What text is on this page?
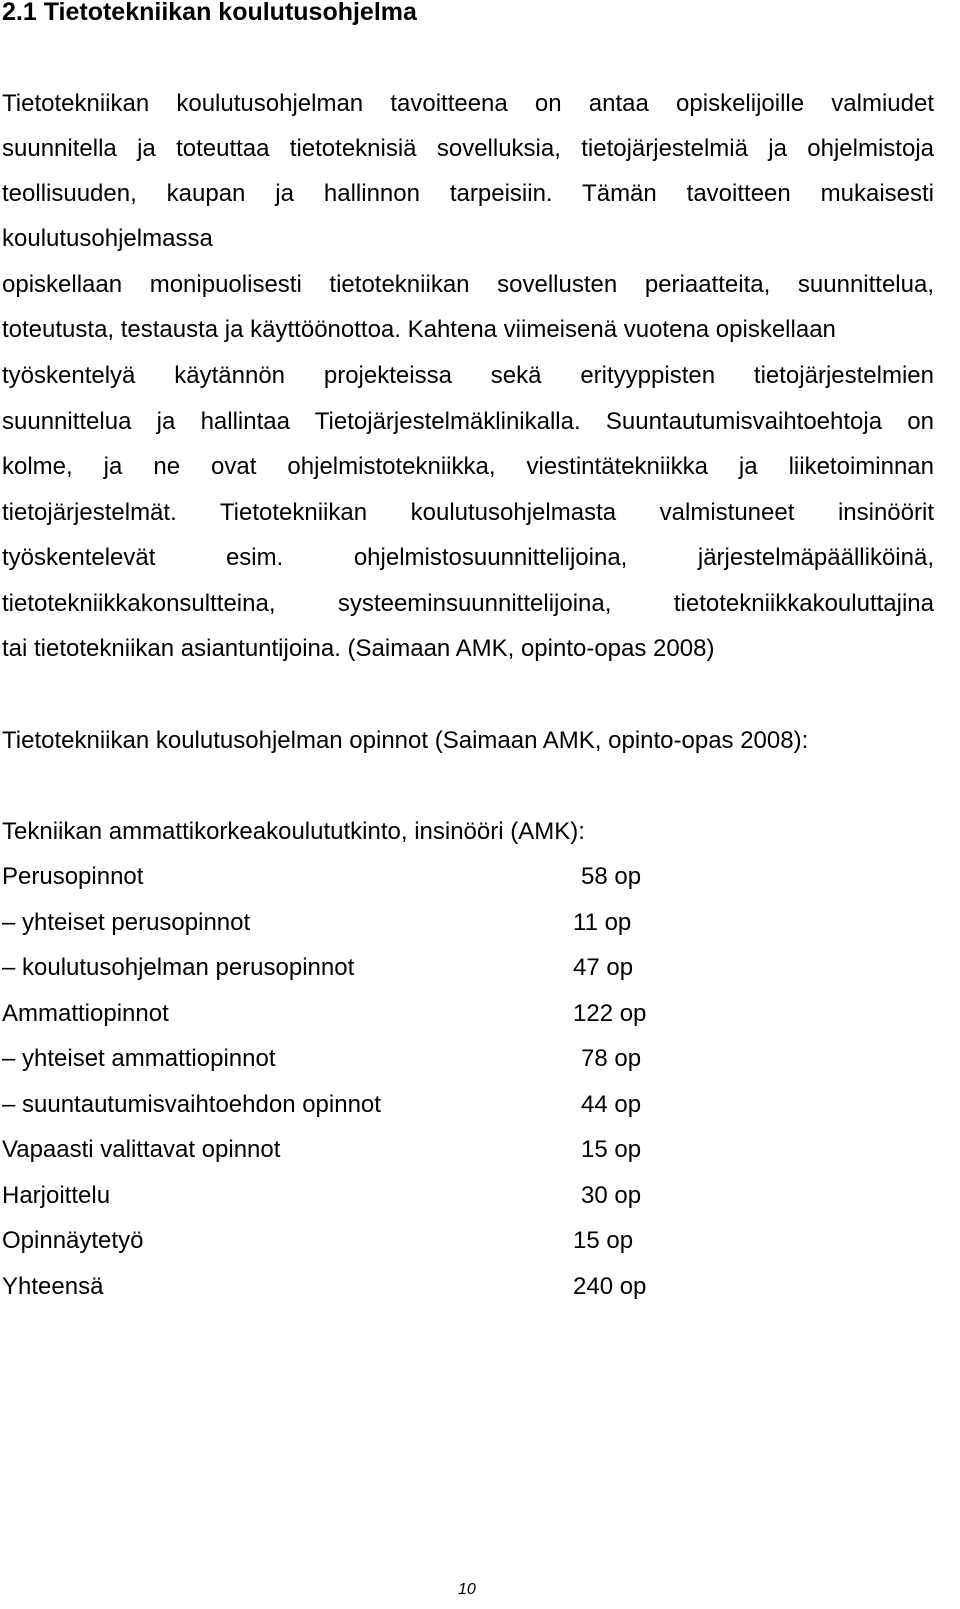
2.1 Tietotekniikan koulutusohjelma
Tietotekniikan koulutusohjelman tavoitteena on antaa opiskelijoille valmiudet
suunnitella ja toteuttaa tietoteknisiä sovelluksia, tietojärjestelmiä ja ohjelmistoja
teollisuuden, kaupan ja hallinnon tarpeisiin. Tämän tavoitteen mukaisesti
koulutusohjelmassa
opiskellaan monipuolisesti tietotekniikan sovellusten periaatteita, suunnittelua,
toteutusta, testausta ja käyttöönottoa. Kahtena viimeisenä vuotena opiskellaan
työskentelyä käytännön projekteissa sekä erityyppisten tietojärjestelmien
suunnittelua ja hallintaa Tietojärjestelmäklinikalla. Suuntautumisvaihtoehtoja on
kolme, ja ne ovat ohjelmistotekniikka, viestintätekniikka ja liiketoiminnan
tietojärjestelmät. Tietotekniikan koulutusohjelmasta valmistuneet insinöörit
työskentelevät esim. ohjelmistosuunnittelijoina, järjestelmäpäälliköinä,
tietotekniikkakonsultteina, systeeminsuunnittelijoina, tietotekniikkakouluttajina
tai tietotekniikan asiantuntijoina. (Saimaan AMK, opinto-opas 2008)
Tietotekniikan koulutusohjelman opinnot (Saimaan AMK, opinto-opas 2008):
Tekniikan ammattikorkeakoulututkinto, insinööri (AMK):
Perusopinnot	58 op
– yhteiset perusopinnot	11 op
– koulutusohjelman perusopinnot	47 op
Ammattiopinnot	122 op
– yhteiset ammattiopinnot	78 op
– suuntautumisvaihtoehdon opinnot	44 op
Vapaasti valittavat opinnot	15 op
Harjoittelu	30 op
Opinnäytetyö	15 op
Yhteensä	240 op
10
